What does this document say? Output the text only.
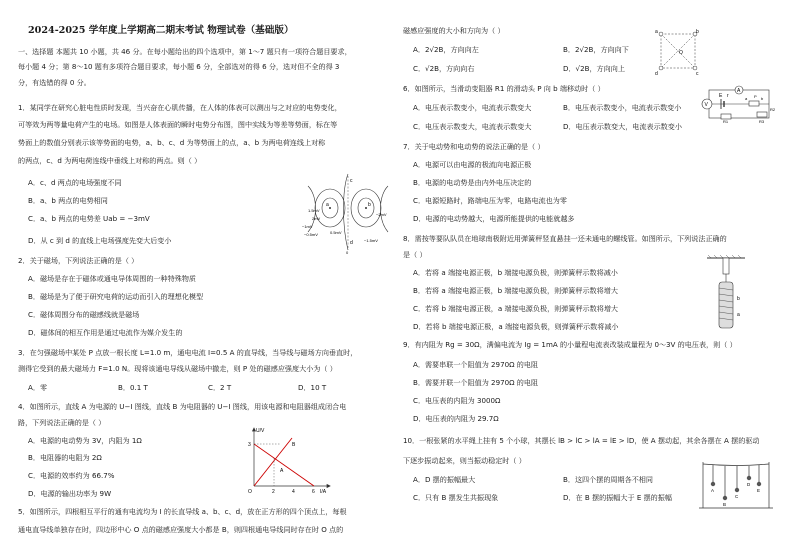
2024-2025 学年度上学期高二期末考试 物理试卷（基础版）
一、选择题 本题共 10 小题，共 46 分。在每小题给出的四个选项中，第 1～7 题只有一项符合题目要求，
每小题 4 分；第 8～10 题有多项符合题目要求，每小题 6 分，全部选对的得 6 分，选对但不全的得 3
分，有选错的得 0 分。
1．某同学在研究心脏电性质时发现，当兴奋在心肌传播，在人体的体表可以测出与之对应的电势变化，
可等效为两等量电荷产生的电场。如图是人体表面的瞬时电势分布图，图中实线为等差等势面，标在等
势面上的数值分别表示该等势面的电势，a、b、c、d 为等势面上的点，a、b 为两电荷连线上对称
的两点，c、d 为两电荷连线中垂线上对称的两点。则（ ）
A．c、d 两点的电场强度不同
B．a、b 两点的电势相同
C．a、b 两点的电势差 Uab = −3mV
D．从 c 到 d 的直线上电场强度先变大后变小
a	b
c
d
1.5mV
2mV
−1mV
0.5mV
−0.5mV
0
−2mV
−1.5mV
2．关于磁场，下列说法正确的是（ ）
A．磁场是存在于磁体或通电导体周围的一种特殊物质
B．磁场是为了便于研究电荷的运动而引入的理想化模型
C．磁体周围分布的磁感线就是磁场
D．磁体间的相互作用是通过电流作为媒介发生的
3．在匀强磁场中某处 P 点放一根长度 L=1.0 m，通电电流 I=0.5 A 的直导线，当导线与磁场方向垂直时，
测得它受到的最大磁场力 F=1.0 N。现将该通电导线从磁场中撤走，则 P 处的磁感应强度大小为（ ）
A．零	B．0.1 T	C．2 T	D．10 T
4．如图所示，直线 A 为电源的 U−I 图线，直线 B 为电阻器的 U−I 图线，用该电源和电阻器组成闭合电
路，下列说法正确的是（ ）
A．电源的电动势为 3V，内阻为 1Ω
B．电阻器的电阻为 2Ω
C．电源的效率约为 66.7%
D．电源的输出功率为 9W
U/V
I/A
3
2	4	6
O
A
B
5．如图所示，四根相互平行的通有电流均为 I 的长直导线 a、b、c、d，放在正方形的四个顶点上，每根
通电直导线单独存在时，四边形中心 O 点的磁感应强度大小都是 B，则四根通电导线同时存在时 O 点的
磁感应强度的大小和方向为（ ）
A．2√2B，方向向左	B．2√2B，方向向下
C．√2B，方向向右	D．√2B，方向向上
a	b
c
d
O
6．如图所示，当滑动变阻器 R1 的滑动头 P 向 b 端移动时（ ）
A．电压表示数变小，电流表示数变大	B．电压表示数变小，电流表示数变小
C．电压表示数变大，电流表示数变大	D．电压表示数变大，电流表示数变小
V
A
E r
R1
R2
R3
a	b
P
7．关于电动势和电动势的说法正确的是（ ）
A．电源可以由电源的极流向电源正极
B．电源的电动势是由内外电压决定的
C．电源短路时，路端电压为零，电路电流也为零
D．电源的电动势越大，电源所能提供的电能就越多
8．需按等要队队员在地球南极附近用弹簧秤竖直悬挂一还未通电的螺线管。如图所示，下列说法正确的
是（ ）
A．若将 a 端接电源正极，b 端接电源负极，则弹簧秤示数将减小
B．若将 a 端接电源正极，b 端接电源负极，则弹簧秤示数将增大
C．若将 b 端接电源正极，a 端接电源负极，则弹簧秤示数将增大
D．若将 b 端接电源正极，a 端接电源负极，则弹簧秤示数将减小
b
a
9．有内阻为 Rg = 30Ω，满偏电流为 Ig = 1mA 的小量程电流表改装成量程为 0～3V 的电压表，则（ ）
A．需要串联一个阻值为 2970Ω 的电阻
B．需要并联一个阻值为 2970Ω 的电阻
C．电压表的内阻为 3000Ω
D．电压表的内阻为 29.7Ω
10．一根张紧的水平绳上挂有 5 个小球，其摆长 lB > lC > lA = lE > lD，使 A 摆动起，其余各摆在 A 摆的驱动
下逐步振动起来，则当振动稳定时（ ）
A．D 摆的振幅最大	B．这四个摆的周期各不相同
C．只有 B 摆发生共振现象	D．在 B 摆的振幅大于 E 摆的振幅
A
B
C
D
E
